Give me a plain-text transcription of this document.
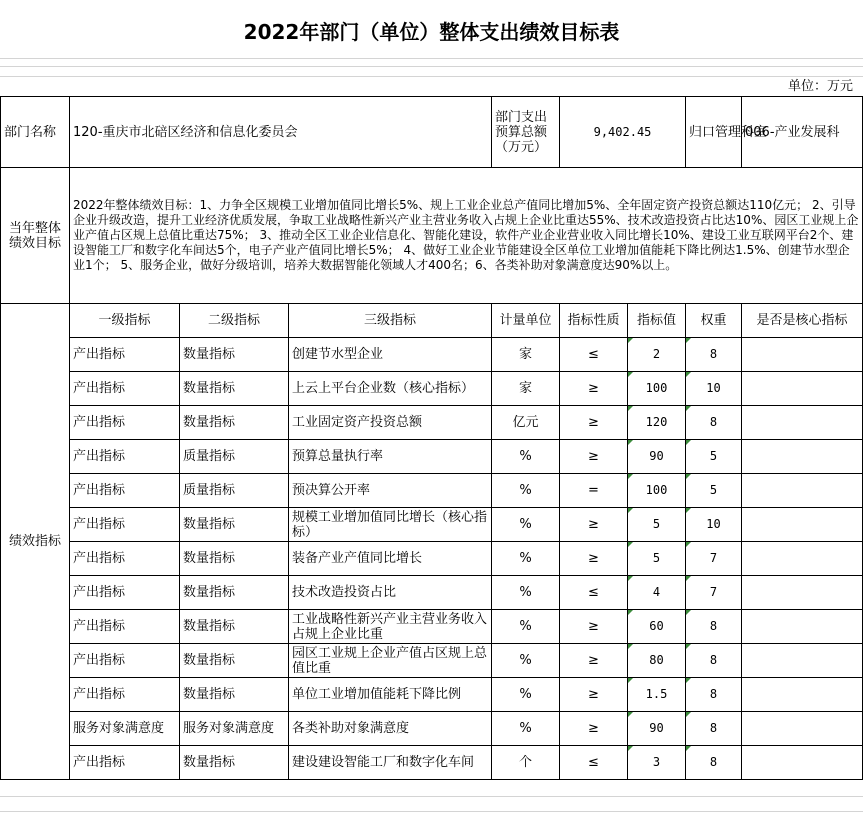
2022年部门（单位）整体支出绩效目标表
单位：万元
部门名称	120-重庆市北碚区经济和信息化委员会			部门支出预算总额（万元）	9,402.45		归口管理科室	006-产业发展科
当年整体绩效目标	2022年整体绩效目标：1、力争全区规模工业增加值同比增长5%、规上工业企业总产值同比增加5%、全年固定资产投资总额达110亿元； 2、引导企业升级改造，提升工业经济优质发展，争取工业战略性新兴产业主营业务收入占规上企业比重达55%、技术改造投资占比达10%、园区工业规上企业产值占区规上总值比重达75%； 3、推动全区工业企业信息化、智能化建设，软件产业企业营业收入同比增长10%、建设工业互联网平台2个、建设智能工厂和数字化车间达5个，电子产业产值同比增长5%； 4、做好工业企业节能建设全区单位工业增加值能耗下降比例达1.5%、创建节水型企业1个； 5、服务企业，做好分级培训，培养大数据智能化领域人才400名；6、各类补助对象满意度达90%以上。							
绩效指标	一级指标	二级指标	三级指标	计量单位	指标性质	指标值	权重	是否是核心指标
	产出指标	数量指标	创建节水型企业	家	≤	2	8	
	产出指标	数量指标	上云上平台企业数（核心指标）	家	≥	100	10	
	产出指标	数量指标	工业固定资产投资总额	亿元	≥	120	8	
	产出指标	质量指标	预算总量执行率	%	≥	90	5	
	产出指标	质量指标	预决算公开率	%	=	100	5	
	产出指标	数量指标	规模工业增加值同比增长（核心指标）	%	≥	5	10	
	产出指标	数量指标	装备产业产值同比增长	%	≥	5	7	
	产出指标	数量指标	技术改造投资占比	%	≤	4	7	
	产出指标	数量指标	工业战略性新兴产业主营业务收入占规上企业比重	%	≥	60	8	
	产出指标	数量指标	园区工业规上企业产值占区规上总值比重	%	≥	80	8	
	产出指标	数量指标	单位工业增加值能耗下降比例	%	≥	1.5	8	
	服务对象满意度	服务对象满意度	各类补助对象满意度	%	≥	90	8	
	产出指标	数量指标	建设建设智能工厂和数字化车间	个	≤	3	8	
